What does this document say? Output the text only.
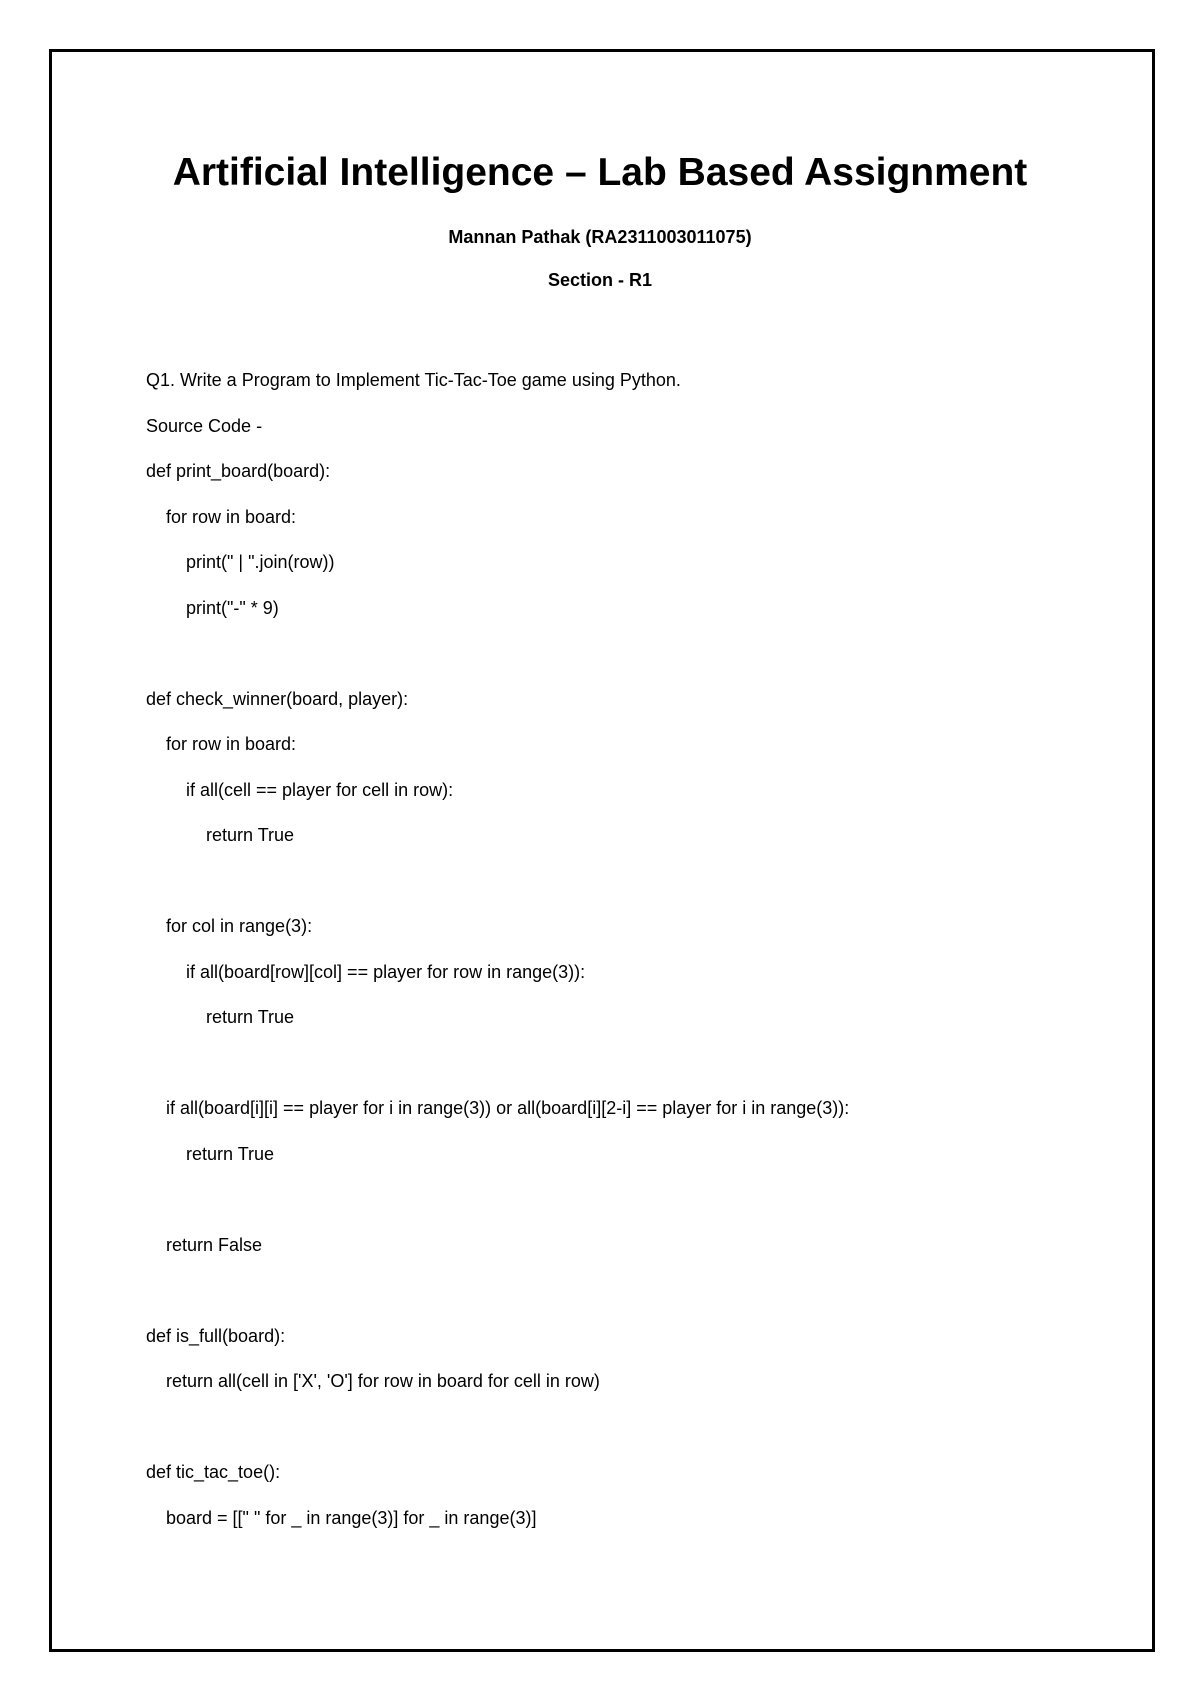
Artificial Intelligence – Lab Based Assignment
Mannan Pathak (RA2311003011075)
Section - R1
Q1. Write a Program to Implement Tic-Tac-Toe game using Python.
Source Code -
def print_board(board):
for row in board:
print(" | ".join(row))
print("-" * 9)
def check_winner(board, player):
for row in board:
if all(cell == player for cell in row):
return True
for col in range(3):
if all(board[row][col] == player for row in range(3)):
return True
if all(board[i][i] == player for i in range(3)) or all(board[i][2-i] == player for i in range(3)):
return True
return False
def is_full(board):
return all(cell in ['X', 'O'] for row in board for cell in row)
def tic_tac_toe():
board = [[" " for _ in range(3)] for _ in range(3)]
